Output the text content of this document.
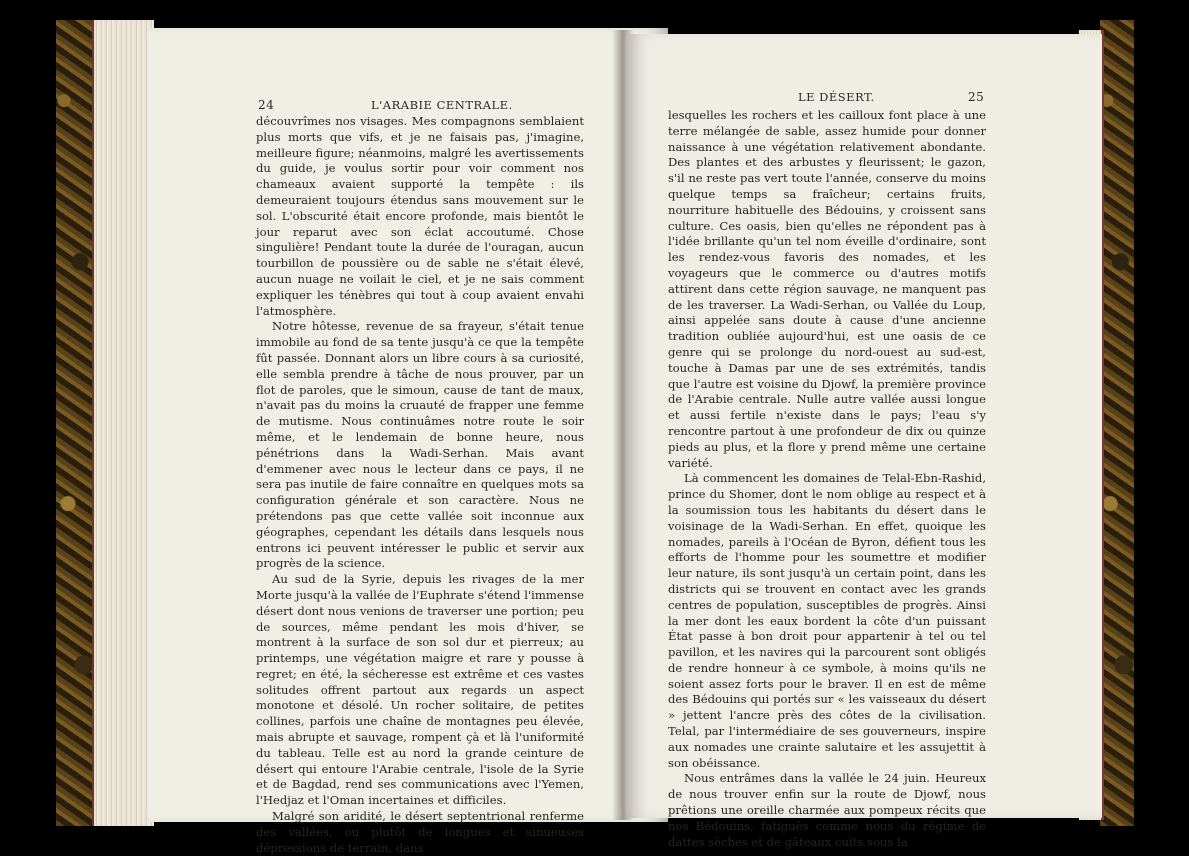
24	L'ARABIE CENTRALE.

découvrîmes nos visages. Mes compagnons semblaient plus morts que vifs, et je ne faisais pas, j'imagine, meilleure figure; néanmoins, malgré les avertissements du guide, je voulus sortir pour voir comment nos chameaux avaient supporté la tempête : ils demeuraient toujours étendus sans mouvement sur le sol. L'obscurité était encore profonde, mais bientôt le jour reparut avec son éclat accoutumé. Chose singulière! Pendant toute la durée de l'ouragan, aucun tourbillon de poussière ou de sable ne s'était élevé, aucun nuage ne voilait le ciel, et je ne sais comment expliquer les ténèbres qui tout à coup avaient envahi l'atmosphère.

Notre hôtesse, revenue de sa frayeur, s'était tenue immobile au fond de sa tente jusqu'à ce que la tempête fût passée. Donnant alors un libre cours à sa curiosité, elle sembla prendre à tâche de nous prouver, par un flot de paroles, que le simoun, cause de tant de maux, n'avait pas du moins la cruauté de frapper une femme de mutisme. Nous continuâmes notre route le soir même, et le lendemain de bonne heure, nous pénétrions dans la Wadi-Serhan. Mais avant d'emmener avec nous le lecteur dans ce pays, il ne sera pas inutile de faire connaître en quelques mots sa configuration générale et son caractère. Nous ne prétendons pas que cette vallée soit inconnue aux géographes, cependant les détails dans lesquels nous entrons ici peuvent intéresser le public et servir aux progrès de la science.

Au sud de la Syrie, depuis les rivages de la mer Morte jusqu'à la vallée de l'Euphrate s'étend l'immense désert dont nous venions de traverser une portion; peu de sources, même pendant les mois d'hiver, se montrent à la surface de son sol dur et pierreux; au printemps, une végétation maigre et rare y pousse à regret; en été, la sécheresse est extrême et ces vastes solitudes offrent partout aux regards un aspect monotone et désolé. Un rocher solitaire, de petites collines, parfois une chaîne de montagnes peu élevée, mais abrupte et sauvage, rompent çà et là l'uniformité du tableau. Telle est au nord la grande ceinture de désert qui entoure l'Arabie centrale, l'isole de la Syrie et de Bagdad, rend ses communications avec l'Yemen, l'Hedjaz et l'Oman incertaines et difficiles.

Malgré son aridité, le désert septentrional renferme des vallées, ou plutôt de longues et sinueuses dépressions de terrain, dans

LE DÉSERT.	25

lesquelles les rochers et les cailloux font place à une terre mélangée de sable, assez humide pour donner naissance à une végétation relativement abondante. Des plantes et des arbustes y fleurissent; le gazon, s'il ne reste pas vert toute l'année, conserve du moins quelque temps sa fraîcheur; certains fruits, nourriture habituelle des Bédouins, y croissent sans culture. Ces oasis, bien qu'elles ne répondent pas à l'idée brillante qu'un tel nom éveille d'ordinaire, sont les rendez-vous favoris des nomades, et les voyageurs que le commerce ou d'autres motifs attirent dans cette région sauvage, ne manquent pas de les traverser. La Wadi-Serhan, ou Vallée du Loup, ainsi appelée sans doute à cause d'une ancienne tradition oubliée aujourd'hui, est une oasis de ce genre qui se prolonge du nord-ouest au sud-est, touche à Damas par une de ses extrémités, tandis que l'autre est voisine du Djowf, la première province de l'Arabie centrale. Nulle autre vallée aussi longue et aussi fertile n'existe dans le pays; l'eau s'y rencontre partout à une profondeur de dix ou quinze pieds au plus, et la flore y prend même une certaine variété.

Là commencent les domaines de Telal-Ebn-Rashid, prince du Shomer, dont le nom oblige au respect et à la soumission tous les habitants du désert dans le voisinage de la Wadi-Serhan. En effet, quoique les nomades, pareils à l'Océan de Byron, défient tous les efforts de l'homme pour les soumettre et modifier leur nature, ils sont jusqu'à un certain point, dans les districts qui se trouvent en contact avec les grands centres de population, susceptibles de progrès. Ainsi la mer dont les eaux bordent la côte d'un puissant État passe à bon droit pour appartenir à tel ou tel pavillon, et les navires qui la parcourent sont obligés de rendre honneur à ce symbole, à moins qu'ils ne soient assez forts pour le braver. Il en est de même des Bédouins qui portés sur « les vaisseaux du désert » jettent l'ancre près des côtes de la civilisation. Telal, par l'intermédiaire de ses gouverneurs, inspire aux nomades une crainte salutaire et les assujettit à son obéissance.

Nous entrâmes dans la vallée le 24 juin. Heureux de nous trouver enfin sur la route de Djowf, nous prêtions une oreille charmée aux pompeux récits que nos Bédouins, fatigués comme nous du régime de dattes sèches et de gâteaux cuits sous la
